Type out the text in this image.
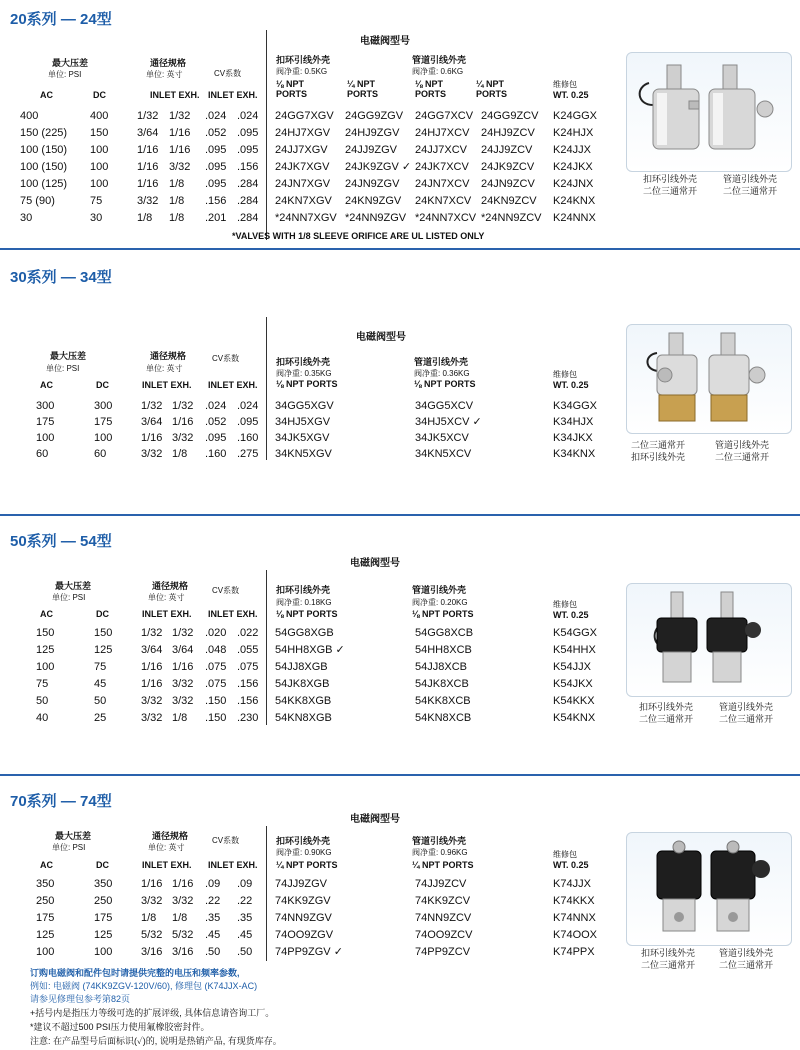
20系列 — 24型
电磁阀型号
最大压差
单位: PSI
通径规格
单位: 英寸	CV系数
扣环引线外壳
阀净重: 0.5KG
管道引线外壳
阀净重: 0.6KG
⅛ NPT
PORTS
¼ NPT
PORTS
⅛ NPT
PORTS
¼ NPT
PORTS
维修包
WT. 0.25
AC	DC	INLET EXH. INLET EXH.
400	400	1/32 1/32 .024 .024 24GG7XGV 24GG9ZGV 24GG7XCV 24GG9ZCV K24GGX
150 (225) 150	3/64 1/16 .052 .095 24HJ7XGV 24HJ9ZGV 24HJ7XCV 24HJ9ZCV K24HJX
100 (150) 100	1/16 1/16 .095 .095 24JJ7XGV 24JJ9ZGV 24JJ7XCV 24JJ9ZCV K24JJX
100 (150) 100	1/16 3/32 .095 .156 24JK7XGV 24JK9ZGV ✓ 24JK7XCV 24JK9ZCV K24JKX
100 (125) 100	1/16 1/8 .095 .284 24JN7XGV 24JN9ZGV 24JN7XCV 24JN9ZCV K24JNX
75 (90)	75	3/32 1/8 .156 .284 24KN7XGV 24KN9ZGV 24KN7XCV 24KN9ZCV K24KNX
30	30	1/8 1/8 .201 .284 *24NN7XGV *24NN9ZGV *24NN7XCV *24NN9ZCV K24NNX
*VALVES WITH 1/8 SLEEVE ORIFICE ARE UL LISTED ONLY
扣环引线外壳
二位三通常开
管道引线外壳
二位三通常开
30系列 — 34型
电磁阀型号
最大压差
单位: PSI
通径规格
单位: 英寸
CV系数	扣环引线外壳
阀净重: 0.35KG
⅛ NPT PORTS
管道引线外壳
阀净重: 0.36KG
⅛ NPT PORTS
维修包
WT. 0.25
AC	DC	INLET EXH. INLET EXH.
300	300	1/32 1/32 .024 .024 34GG5XGV	34GG5XCV	K34GGX
175	175	3/64 1/16 .052 .095 34HJ5XGV	34HJ5XCV ✓	K34HJX
100	100	1/16 3/32 .095 .160 34JK5XGV	34JK5XCV	K34JKX
60	60	3/32 1/8 .160 .275 34KN5XGV	34KN5XCV	K34KNX
二位三通常开
扣环引线外壳
管道引线外壳
二位三通常开
50系列 — 54型
电磁阀型号
最大压差
单位: PSI
通径规格
单位: 英寸
CV系数	扣环引线外壳
阀净重: 0.18KG
⅛ NPT PORTS
管道引线外壳
阀净重: 0.20KG
⅛ NPT PORTS
维修包
WT. 0.25
AC	DC	INLET EXH. INLET EXH.
150	150	1/32 1/32 .020 .022 54GG8XGB	54GG8XCB	K54GGX
125	125	3/64 3/64 .048 .055 54HH8XGB ✓	54HH8XCB	K54HHX
100	75	1/16 1/16 .075 .075 54JJ8XGB	54JJ8XCB	K54JJX
75	45	1/16 3/32 .075 .156 54JK8XGB	54JK8XCB	K54JKX
50	50	3/32 3/32 .150 .156 54KK8XGB	54KK8XCB	K54KKX
40	25	3/32 1/8 .150 .230 54KN8XGB	54KN8XCB	K54KNX
扣环引线外壳
二位三通常开
管道引线外壳
二位三通常开
70系列 — 74型
电磁阀型号
最大压差
单位: PSI
通径规格
单位: 英寸
CV系数	扣环引线外壳
阀净重: 0.90KG
¼ NPT PORTS
管道引线外壳
阀净重: 0.96KG
¼ NPT PORTS
维修包
WT. 0.25
AC	DC	INLET EXH. INLET EXH.
350	350	1/16 1/16 .09 .09 74JJ9ZGV	74JJ9ZCV	K74JJX
250	250	3/32 3/32 .22 .22 74KK9ZGV	74KK9ZCV	K74KKX
175	175	1/8 1/8 .35 .35 74NN9ZGV	74NN9ZCV	K74NNX
125	125	5/32 5/32 .45 .45 74OO9ZGV	74OO9ZCV	K74OOX
100	100	3/16 3/16 .50 .50 74PP9ZGV ✓	74PP9ZCV	K74PPX	扣环引线外壳
二位三通常开
管道引线外壳
二位三通常开
订购电磁阀和配件包时请提供完整的电压和频率参数,
例如: 电磁阀 (74KK9ZGV-120V/60), 修理包 (K74JJX-AC)
请参见修理包参考第82页
+括号内是指压力等级可选的扩展评级, 具体信息请咨询工厂。
*建议不超过500 PSI压力使用氟橡胶密封件。
注意: 在产品型号后面标识(✓)的, 说明是热销产品, 有现货库存。
